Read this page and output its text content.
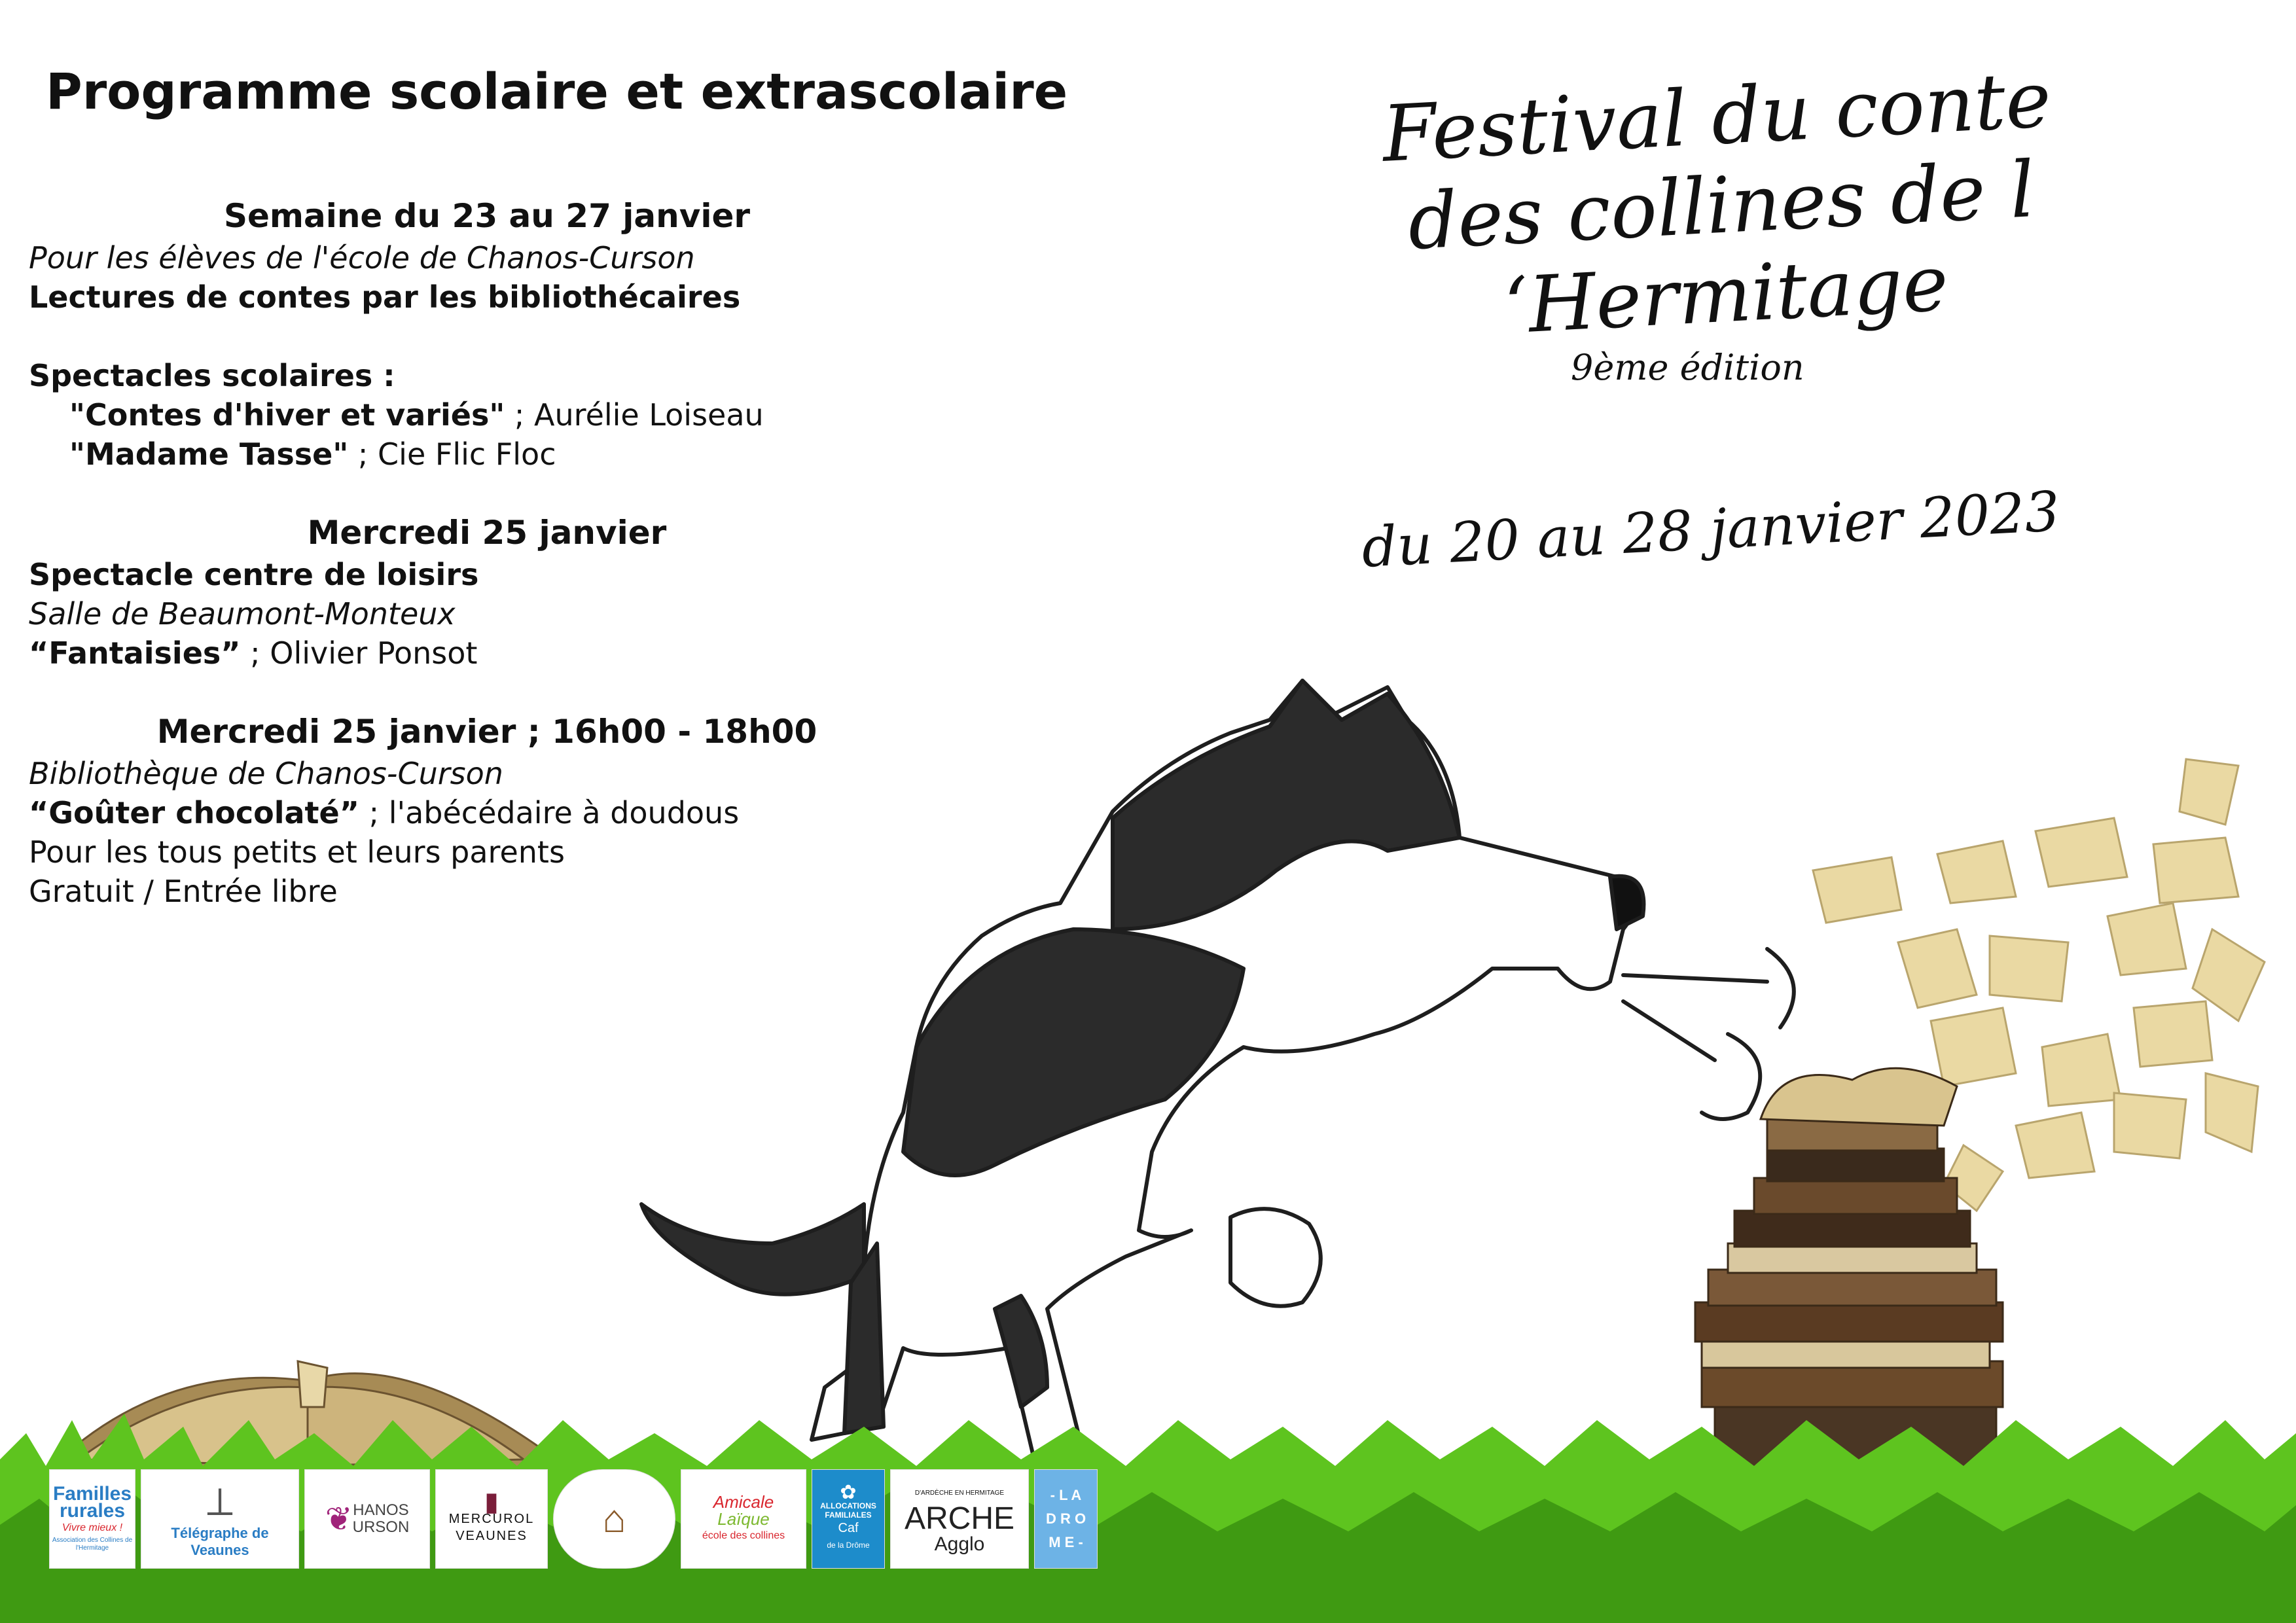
Programme scolaire et extrascolaire
Semaine du 23 au 27 janvier
Pour les élèves de l'école de Chanos-Curson
Lectures de contes par les bibliothécaires
Spectacles scolaires :
"Contes d'hiver et variés" ; Aurélie Loiseau
"Madame Tasse" ; Cie Flic Floc
Mercredi 25 janvier
Spectacle centre de loisirs
Salle de Beaumont-Monteux
“Fantaisies” ; Olivier Ponsot
Mercredi 25 janvier ; 16h00 - 18h00
Bibliothèque de Chanos-Curson
“Goûter chocolaté” ; l'abécédaire à doudous
Pour les tous petits et leurs parents
Gratuit / Entrée libre
Festival du conte
des collines de l ‘Hermitage
9ème édition
du 20 au 28 janvier 2023
Familles
rurales
Vivre mieux !
Association des Collines de l'Hermitage
⟂
Télégraphe de Veaunes
❦ HANOS
URSON
▮
MERCUROL
VEAUNES ⌂	Amicale
Laïque
école des collines
✿
ALLOCATIONS FAMILIALES
Caf
de la Drôme
D'ARDÈCHE EN HERMITAGE
ARCHE
Agglo
- L A
D R O
M E -
